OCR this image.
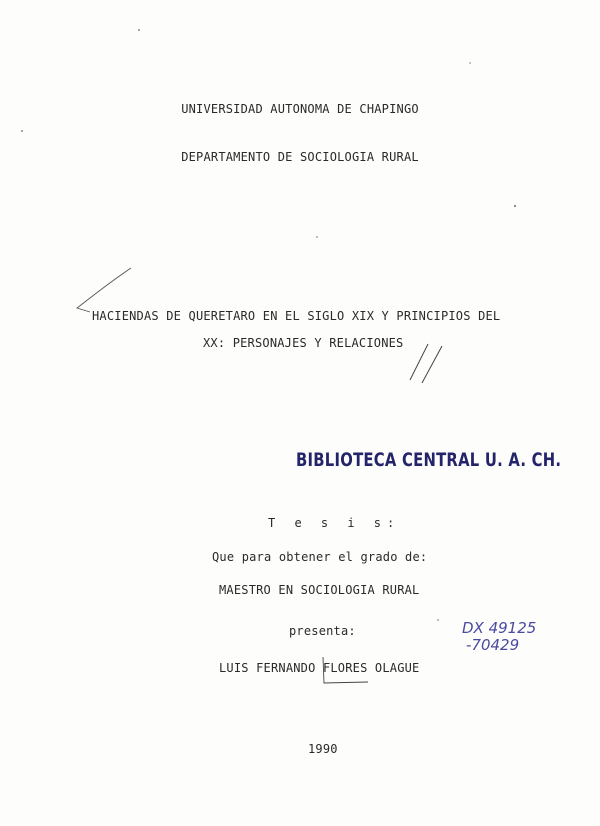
UNIVERSIDAD AUTONOMA DE CHAPINGO
DEPARTAMENTO DE SOCIOLOGIA RURAL
HACIENDAS DE QUERETARO EN EL SIGLO XIX Y PRINCIPIOS DEL
XX: PERSONAJES Y RELACIONES
BIBLIOTECA CENTRAL U. A. CH.
T e s i s:
Que para obtener el grado de:
MAESTRO EN SOCIOLOGIA RURAL
presenta:
LUIS FERNANDO FLORES OLAGUE
1990
DX 49125
-70429
